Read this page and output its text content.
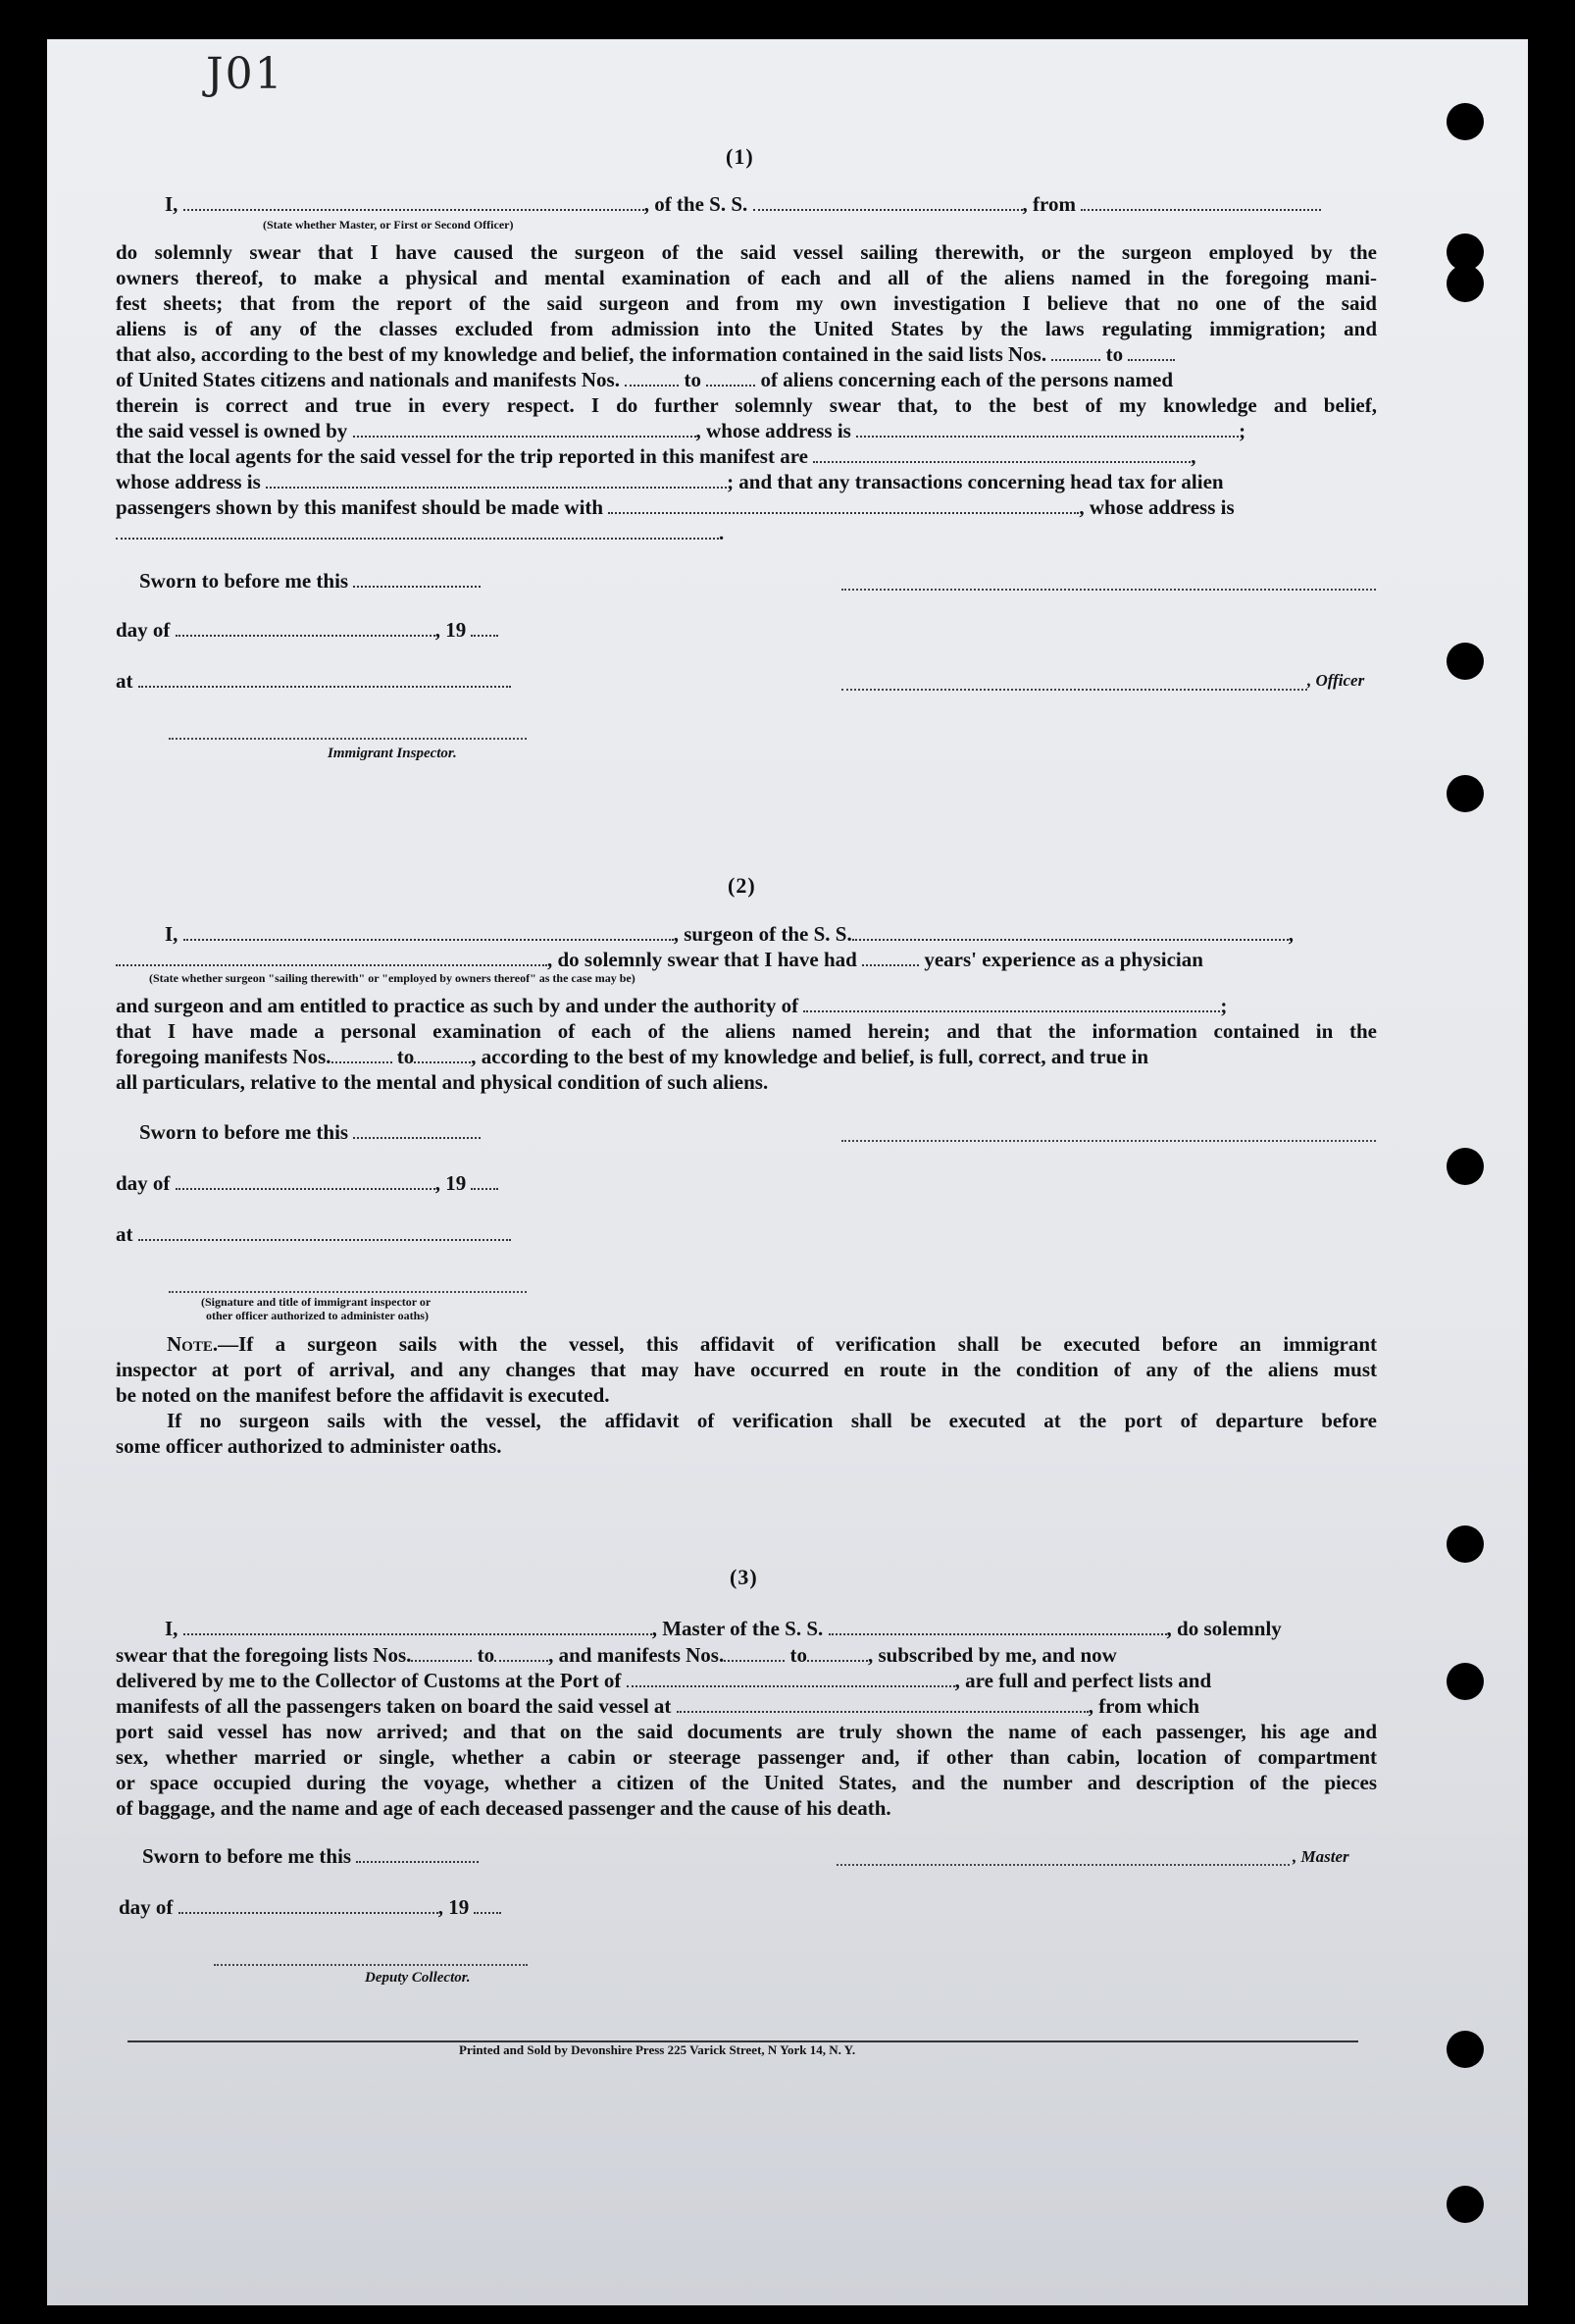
J01
(1)
I,	, of the S. S.	, from
(State whether Master, or First or Second Officer)
do solemnly swear that I have caused the surgeon of the said vessel sailing therewith, or the surgeon employed by the
owners thereof, to make a physical and mental examination of each and all of the aliens named in the foregoing mani-
fest sheets; that from the report of the said surgeon and from my own investigation I believe that no one of the said
aliens is of any of the classes excluded from admission into the United States by the laws regulating immigration; and
that also, according to the best of my knowledge and belief, the information contained in the said lists Nos.	to
of United States citizens and nationals and manifests Nos.	to	of aliens concerning each of the persons named
therein is correct and true in every respect. I do further solemnly swear that, to the best of my knowledge and belief,
the said vessel is owned by	, whose address is	;
that the local agents for the said vessel for the trip reported in this manifest are	,
whose address is	; and that any transactions concerning head tax for alien
passengers shown by this manifest should be made with	, whose address is
.
Sworn to before me this
day of	, 19
at	, Officer
Immigrant Inspector.
(2)
I,	, surgeon of the S. S.	,
, do solemnly swear that I have had	years' experience as a physician
(State whether surgeon "sailing therewith" or "employed by owners thereof" as the case may be)
and surgeon and am entitled to practice as such by and under the authority of	;
that I have made a personal examination of each of the aliens named herein; and that the information contained in the
foregoing manifests Nos.	to	, according to the best of my knowledge and belief, is full, correct, and true in
all particulars, relative to the mental and physical condition of such aliens.
Sworn to before me this
day of	, 19
at
(Signature and title of immigrant inspector or
other officer authorized to administer oaths)
Note.—If a surgeon sails with the vessel, this affidavit of verification shall be executed before an immigrant
inspector at port of arrival, and any changes that may have occurred en route in the condition of any of the aliens must
be noted on the manifest before the affidavit is executed.
If no surgeon sails with the vessel, the affidavit of verification shall be executed at the port of departure before
some officer authorized to administer oaths.
(3)
I,	, Master of the S. S.	, do solemnly
swear that the foregoing lists Nos.	to	, and manifests Nos.	to	, subscribed by me, and now
delivered by me to the Collector of Customs at the Port of	, are full and perfect lists and
manifests of all the passengers taken on board the said vessel at	, from which
port said vessel has now arrived; and that on the said documents are truly shown the name of each passenger, his age and
sex, whether married or single, whether a cabin or steerage passenger and, if other than cabin, location of compartment
or space occupied during the voyage, whether a citizen of the United States, and the number and description of the pieces
of baggage, and the name and age of each deceased passenger and the cause of his death.
Sworn to before me this	, Master
day of	, 19
Deputy Collector.
Printed and Sold by Devonshire Press 225 Varick Street, N York 14, N. Y.
